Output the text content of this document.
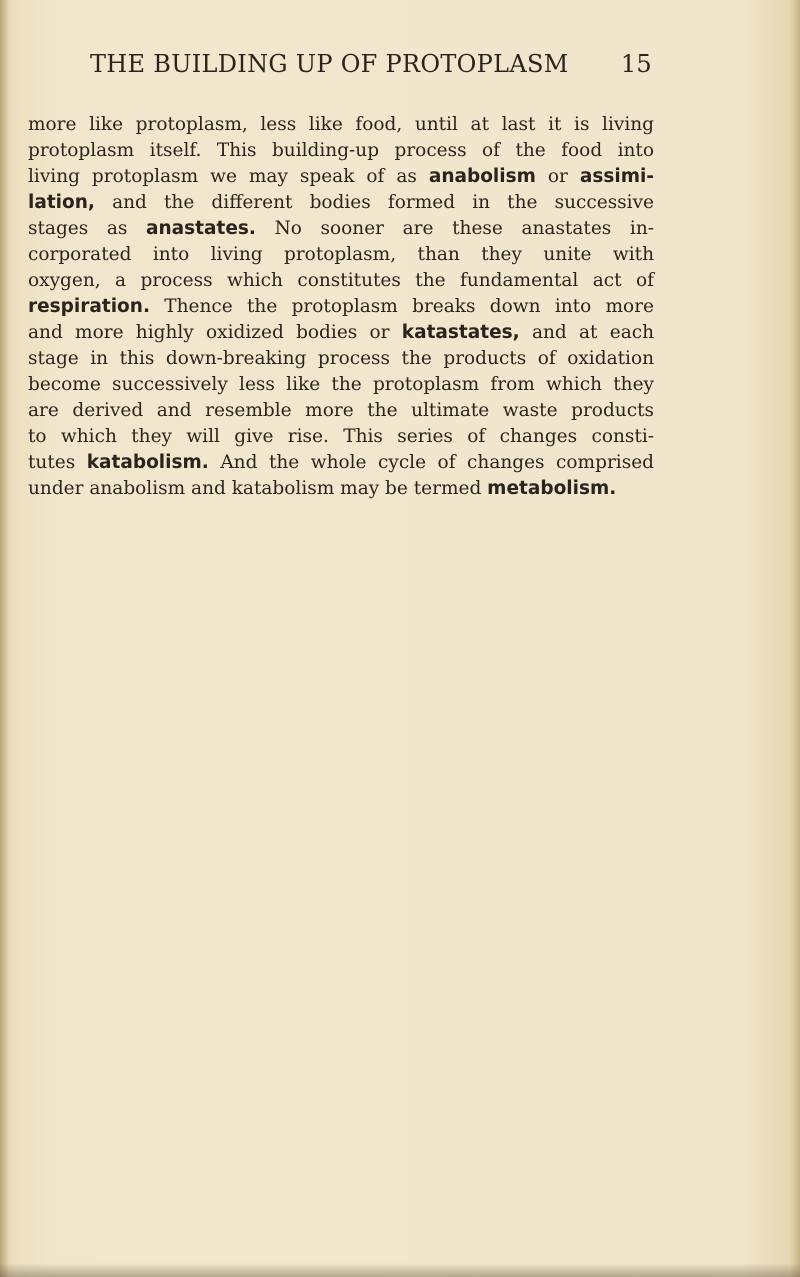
THE BUILDING UP OF PROTOPLASM 15
more like protoplasm, less like food, until at last it is living
protoplasm itself. This building-up process of the food into
living protoplasm we may speak of as anabolism or assimi-
lation, and the different bodies formed in the successive
stages as anastates. No sooner are these anastates in-
corporated into living protoplasm, than they unite with
oxygen, a process which constitutes the fundamental act of
respiration. Thence the protoplasm breaks down into more
and more highly oxidized bodies or katastates, and at each
stage in this down-breaking process the products of oxidation
become successively less like the protoplasm from which they
are derived and resemble more the ultimate waste products
to which they will give rise. This series of changes consti-
tutes katabolism. And the whole cycle of changes comprised
under anabolism and katabolism may be termed metabolism.
